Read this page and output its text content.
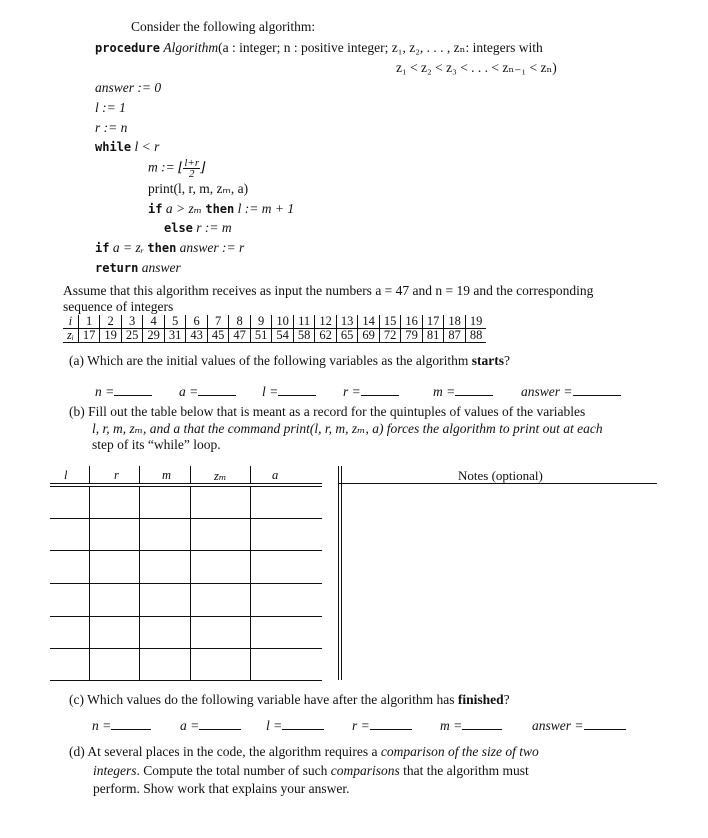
Consider the following algorithm:
procedure Algorithm(a : integer; n : positive integer; z₁, z₂, . . . , zₙ: integers with
z₁ < z₂ < z₃ < . . . < zₙ₋₁ < zₙ)
answer := 0
l := 1
r := n
while l < r
m := ⌊ $\frac{l+r}{2}$ ⌋
print(l, r, m, zₘ, a)
if a > zₘ then l := m + 1
else r := m
if a = zᵣ then answer := r
return answer
Assume that this algorithm receives as input the numbers a = 47 and n = 19 and the corresponding
sequence of integers
i	1	2	3	4	5	6	7	8	9	10	11	12	13	14	15	16	17	18	19
zᵢ	17	19	25	29	31	43	45	47	51	54	58	62	65	69	72	79	81	87	88
(a) Which are the initial values of the following variables as the algorithm starts?
n =	a =	l =	r =	m =	answer =
(b) Fill out the table below that is meant as a record for the quintuples of values of the variables
l, r, m, zₘ, and a that the command print(l, r, m, zₘ, a) forces the algorithm to print out at each
step of its “while” loop.
l	r	m	zₘ	a	Notes (optional)
(c) Which values do the following variable have after the algorithm has finished?
n =	a =	l =	r =	m =	answer =
(d) At several places in the code, the algorithm requires a comparison of the size of two
integers. Compute the total number of such comparisons that the algorithm must
perform. Show work that explains your answer.
